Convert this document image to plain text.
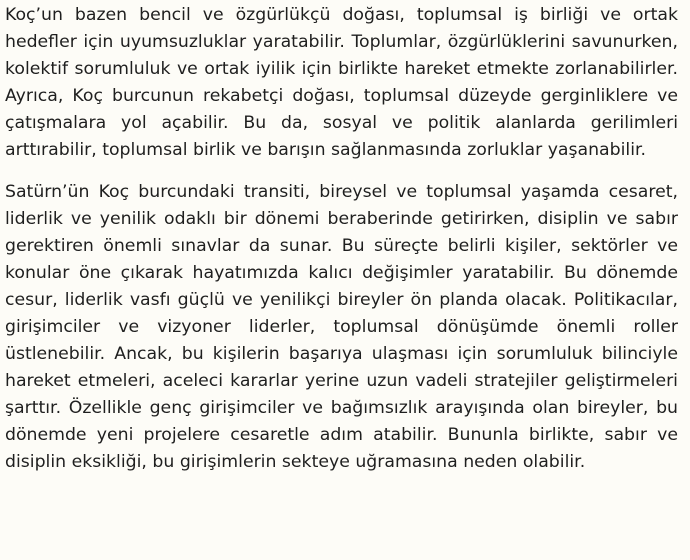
Koç’un bazen bencil ve özgürlükçü doğası, toplumsal iş birliği ve ortak hedefler için uyumsuzluklar yaratabilir. Toplumlar, özgürlüklerini savunurken, kolektif sorumluluk ve ortak iyilik için birlikte hareket etmekte zorlanabilirler. Ayrıca, Koç burcunun rekabetçi doğası, toplumsal düzeyde gerginliklere ve çatışmalara yol açabilir. Bu da, sosyal ve politik alanlarda gerilimleri arttırabilir, toplumsal birlik ve barışın sağlanmasında zorluklar yaşanabilir.

Satürn’ün Koç burcundaki transiti, bireysel ve toplumsal yaşamda cesaret, liderlik ve yenilik odaklı bir dönemi beraberinde getirirken, disiplin ve sabır gerektiren önemli sınavlar da sunar. Bu süreçte belirli kişiler, sektörler ve konular öne çıkarak hayatımızda kalıcı değişimler yaratabilir. Bu dönemde cesur, liderlik vasfı güçlü ve yenilikçi bireyler ön planda olacak. Politikacılar, girişimciler ve vizyoner liderler, toplumsal dönüşümde önemli roller üstlenebilir. Ancak, bu kişilerin başarıya ulaşması için sorumluluk bilinciyle hareket etmeleri, aceleci kararlar yerine uzun vadeli stratejiler geliştirmeleri şarttır. Özellikle genç girişimciler ve bağımsızlık arayışında olan bireyler, bu dönemde yeni projelere cesaretle adım atabilir. Bununla birlikte, sabır ve disiplin eksikliği, bu girişimlerin sekteye uğramasına neden olabilir.
